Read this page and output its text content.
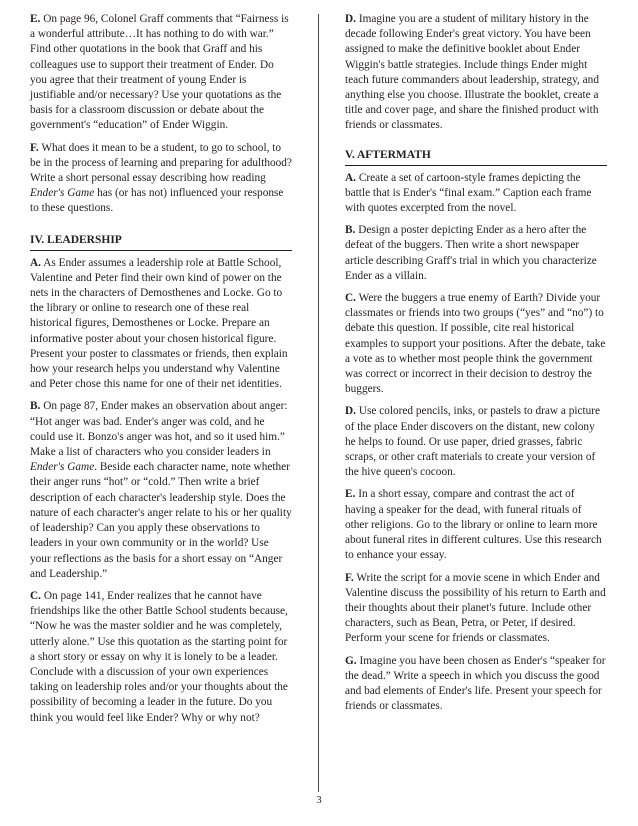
E. On page 96, Colonel Graff comments that “Fairness is a wonderful attribute…It has nothing to do with war.” Find other quotations in the book that Graff and his colleagues use to support their treatment of Ender. Do you agree that their treatment of young Ender is justifiable and/or necessary? Use your quotations as the basis for a classroom discussion or debate about the government's “education” of Ender Wiggin.

F. What does it mean to be a student, to go to school, to be in the process of learning and preparing for adulthood? Write a short personal essay describing how reading Ender's Game has (or has not) influenced your response to these questions.

IV. LEADERSHIP

A. As Ender assumes a leadership role at Battle School, Valentine and Peter find their own kind of power on the nets in the characters of Demosthenes and Locke. Go to the library or online to research one of these real historical figures, Demosthenes or Locke. Prepare an informative poster about your chosen historical figure. Present your poster to classmates or friends, then explain how your research helps you understand why Valentine and Peter chose this name for one of their net identities.

B. On page 87, Ender makes an observation about anger: “Hot anger was bad. Ender's anger was cold, and he could use it. Bonzo's anger was hot, and so it used him.” Make a list of characters who you consider leaders in Ender's Game. Beside each character name, note whether their anger runs “hot” or “cold.” Then write a brief description of each character's leadership style. Does the nature of each character's anger relate to his or her quality of leadership? Can you apply these observations to leaders in your own community or in the world? Use your reflections as the basis for a short essay on “Anger and Leadership.”

C. On page 141, Ender realizes that he cannot have friendships like the other Battle School students because, “Now he was the master soldier and he was completely, utterly alone.” Use this quotation as the starting point for a short story or essay on why it is lonely to be a leader. Conclude with a discussion of your own experiences taking on leadership roles and/or your thoughts about the possibility of becoming a leader in the future. Do you think you would feel like Ender? Why or why not?

D. Imagine you are a student of military history in the decade following Ender's great victory. You have been assigned to make the definitive booklet about Ender Wiggin's battle strategies. Include things Ender might teach future commanders about leadership, strategy, and anything else you choose. Illustrate the booklet, create a title and cover page, and share the finished product with friends or classmates.

V. AFTERMATH

A. Create a set of cartoon-style frames depicting the battle that is Ender's “final exam.” Caption each frame with quotes excerpted from the novel.

B. Design a poster depicting Ender as a hero after the defeat of the buggers. Then write a short newspaper article describing Graff's trial in which you characterize Ender as a villain.

C. Were the buggers a true enemy of Earth? Divide your classmates or friends into two groups (“yes” and “no”) to debate this question. If possible, cite real historical examples to support your positions. After the debate, take a vote as to whether most people think the government was correct or incorrect in their decision to destroy the buggers.

D. Use colored pencils, inks, or pastels to draw a picture of the place Ender discovers on the distant, new colony he helps to found. Or use paper, dried grasses, fabric scraps, or other craft materials to create your version of the hive queen's cocoon.

E. In a short essay, compare and contrast the act of having a speaker for the dead, with funeral rituals of other religions. Go to the library or online to learn more about funeral rites in different cultures. Use this research to enhance your essay.

F. Write the script for a movie scene in which Ender and Valentine discuss the possibility of his return to Earth and their thoughts about their planet's future. Include other characters, such as Bean, Petra, or Peter, if desired. Perform your scene for friends or classmates.

G. Imagine you have been chosen as Ender's “speaker for the dead.” Write a speech in which you discuss the good and bad elements of Ender's life. Present your speech for friends or classmates.

3
